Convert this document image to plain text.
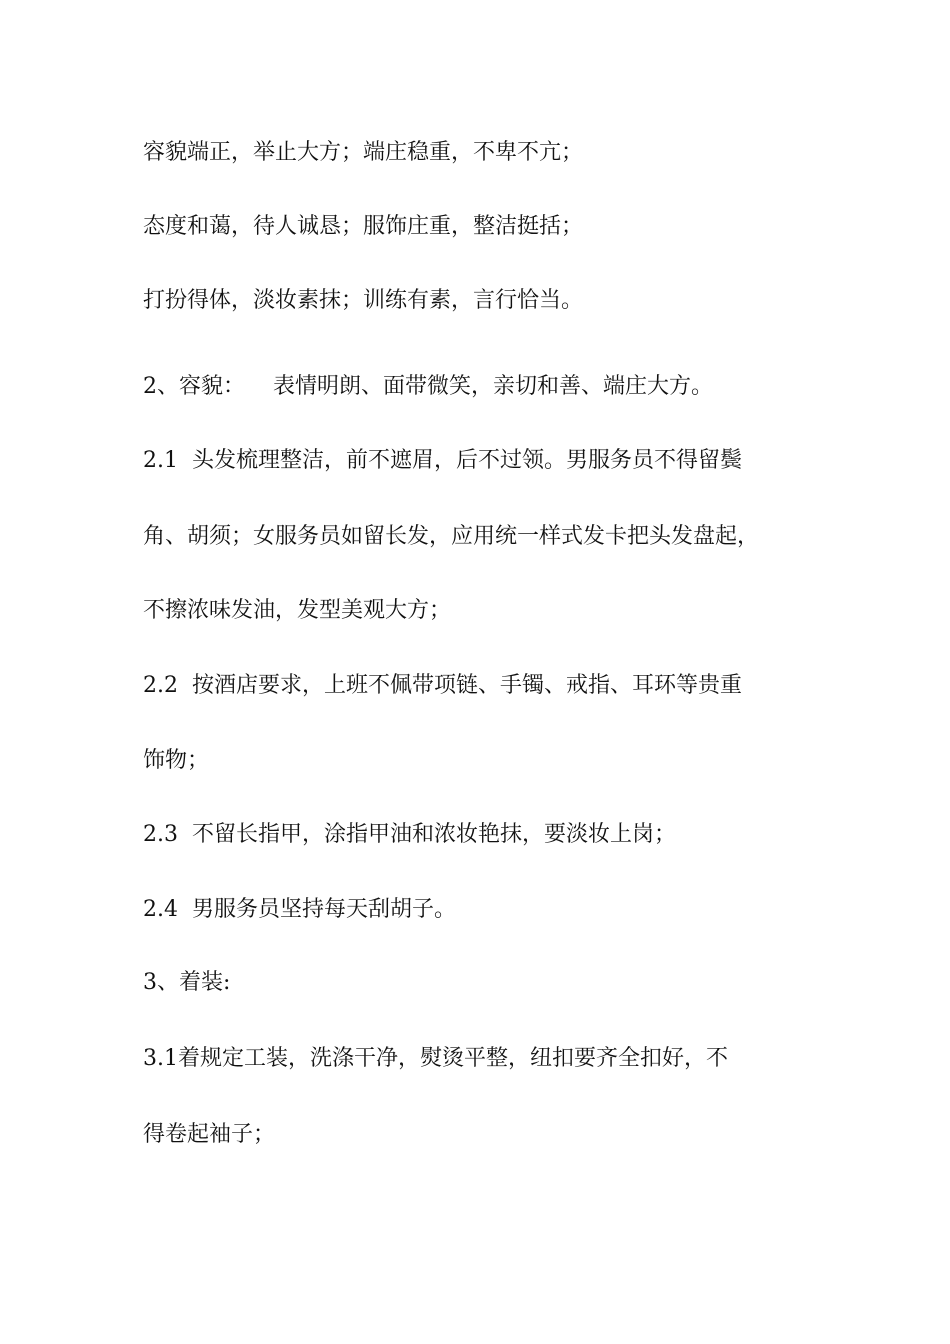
容貌端正，举止大方；端庄稳重，不卑不亢；

态度和蔼，待人诚恳；服饰庄重，整洁挺括；

打扮得体，淡妆素抹；训练有素，言行恰当。

2、容貌：    表情明朗、面带微笑，亲切和善、端庄大方。

2.1  头发梳理整洁，前不遮眉，后不过领。男服务员不得留鬓

角、胡须；女服务员如留长发，应用统一样式发卡把头发盘起，

不擦浓味发油，发型美观大方；

2.2  按酒店要求，上班不佩带项链、手镯、戒指、耳环等贵重

饰物；

2.3  不留长指甲，涂指甲油和浓妆艳抹，要淡妆上岗；

2.4  男服务员坚持每天刮胡子。

3、着装:

3.1着规定工装，洗涤干净，熨烫平整，纽扣要齐全扣好，不

得卷起袖子；
